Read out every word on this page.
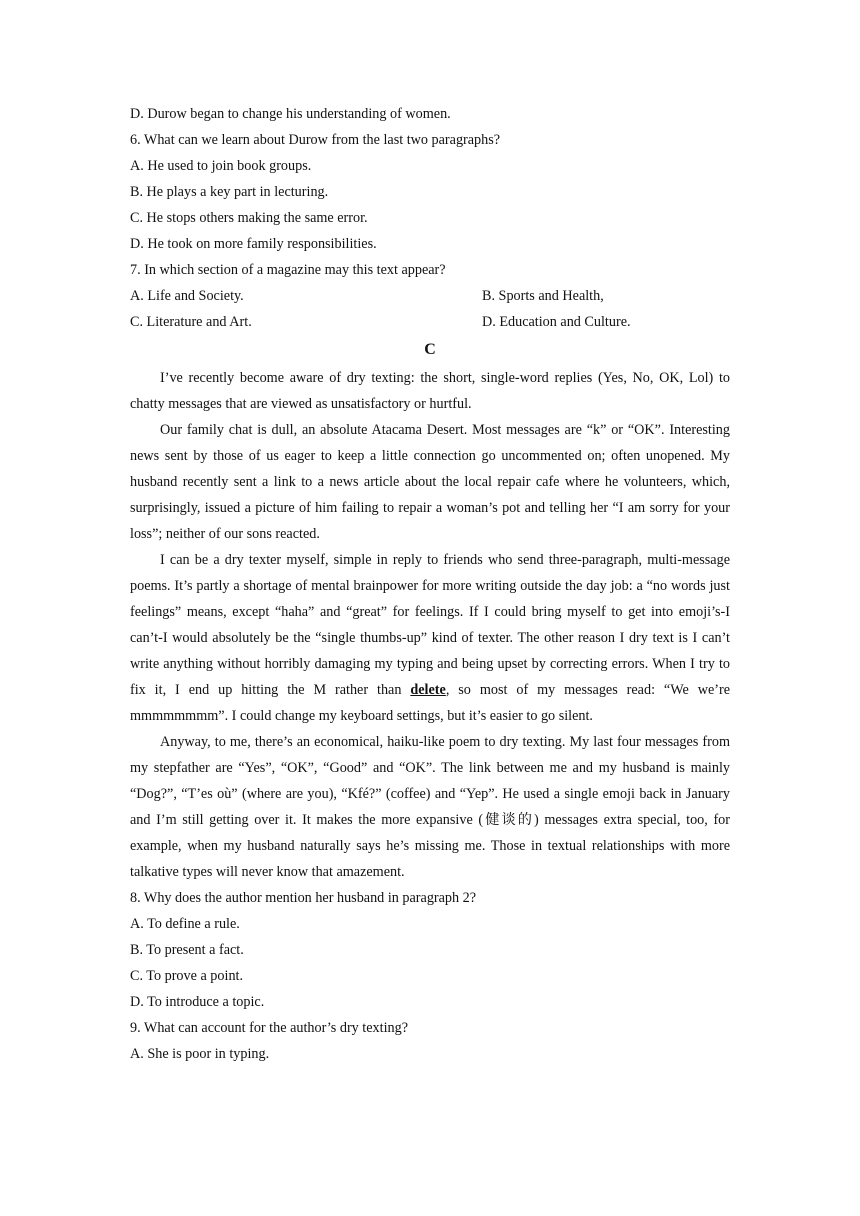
D. Durow began to change his understanding of women.
6. What can we learn about Durow from the last two paragraphs?
A. He used to join book groups.
B. He plays a key part in lecturing.
C. He stops others making the same error.
D. He took on more family responsibilities.
7. In which section of a magazine may this text appear?
A. Life and Society.	B. Sports and Health,
C. Literature and Art.	D. Education and Culture.
C
I’ve recently become aware of dry texting: the short, single-word replies (Yes, No, OK, Lol) to chatty messages that are viewed as unsatisfactory or hurtful.
Our family chat is dull, an absolute Atacama Desert. Most messages are “k” or “OK”. Interesting news sent by those of us eager to keep a little connection go uncommented on; often unopened. My husband recently sent a link to a news article about the local repair cafe where he volunteers, which, surprisingly, issued a picture of him failing to repair a woman’s pot and telling her “I am sorry for your loss”; neither of our sons reacted.
I can be a dry texter myself, simple in reply to friends who send three-paragraph, multi-message poems. It’s partly a shortage of mental brainpower for more writing outside the day job: a “no words just feelings” means, except “haha” and “great” for feelings. If I could bring myself to get into emoji’s-I can’t-I would absolutely be the “single thumbs-up” kind of texter. The other reason I dry text is I can’t write anything without horribly damaging my typing and being upset by correcting errors. When I try to fix it, I end up hitting the M rather than delete, so most of my messages read: “We we’re mmmmmmmm”. I could change my keyboard settings, but it’s easier to go silent.
Anyway, to me, there’s an economical, haiku-like poem to dry texting. My last four messages from my stepfather are “Yes”, “OK”, “Good” and “OK”. The link between me and my husband is mainly “Dog?”, “T’es où” (where are you), “Kfé?” (coffee) and “Yep”. He used a single emoji back in January and I’m still getting over it. It makes the more expansive (健谈的) messages extra special, too, for example, when my husband naturally says he’s missing me. Those in textual relationships with more talkative types will never know that amazement.
8. Why does the author mention her husband in paragraph 2?
A. To define a rule.
B. To present a fact.
C. To prove a point.
D. To introduce a topic.
9. What can account for the author’s dry texting?
A. She is poor in typing.
